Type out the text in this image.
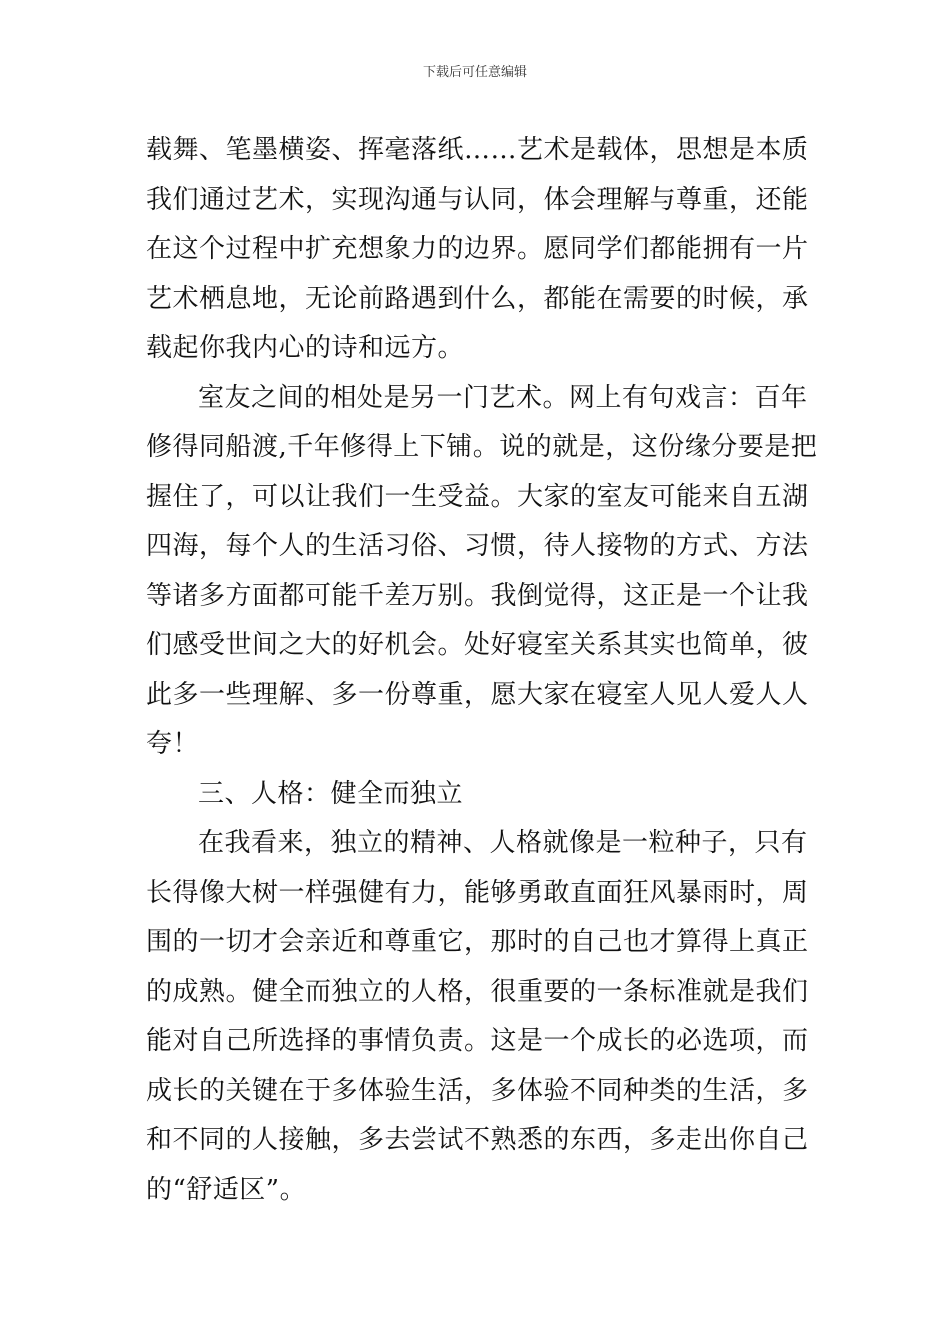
下载后可任意编辑
载舞、笔墨横姿、挥毫落纸……艺术是载体，思想是本质
我们通过艺术，实现沟通与认同，体会理解与尊重，还能
在这个过程中扩充想象力的边界。愿同学们都能拥有一片
艺术栖息地，无论前路遇到什么，都能在需要的时候，承
载起你我内心的诗和远方。
室友之间的相处是另一门艺术。网上有句戏言：百年
修得同船渡,千年修得上下铺。说的就是，这份缘分要是把
握住了，可以让我们一生受益。大家的室友可能来自五湖
四海，每个人的生活习俗、习惯，待人接物的方式、方法
等诸多方面都可能千差万别。我倒觉得，这正是一个让我
们感受世间之大的好机会。处好寝室关系其实也简单，彼
此多一些理解、多一份尊重，愿大家在寝室人见人爱人人
夸！
三、人格：健全而独立
在我看来，独立的精神、人格就像是一粒种子，只有
长得像大树一样强健有力，能够勇敢直面狂风暴雨时，周
围的一切才会亲近和尊重它，那时的自己也才算得上真正
的成熟。健全而独立的人格，很重要的一条标准就是我们
能对自己所选择的事情负责。这是一个成长的必选项，而
成长的关键在于多体验生活，多体验不同种类的生活，多
和不同的人接触，多去尝试不熟悉的东西，多走出你自己
的“舒适区”。
